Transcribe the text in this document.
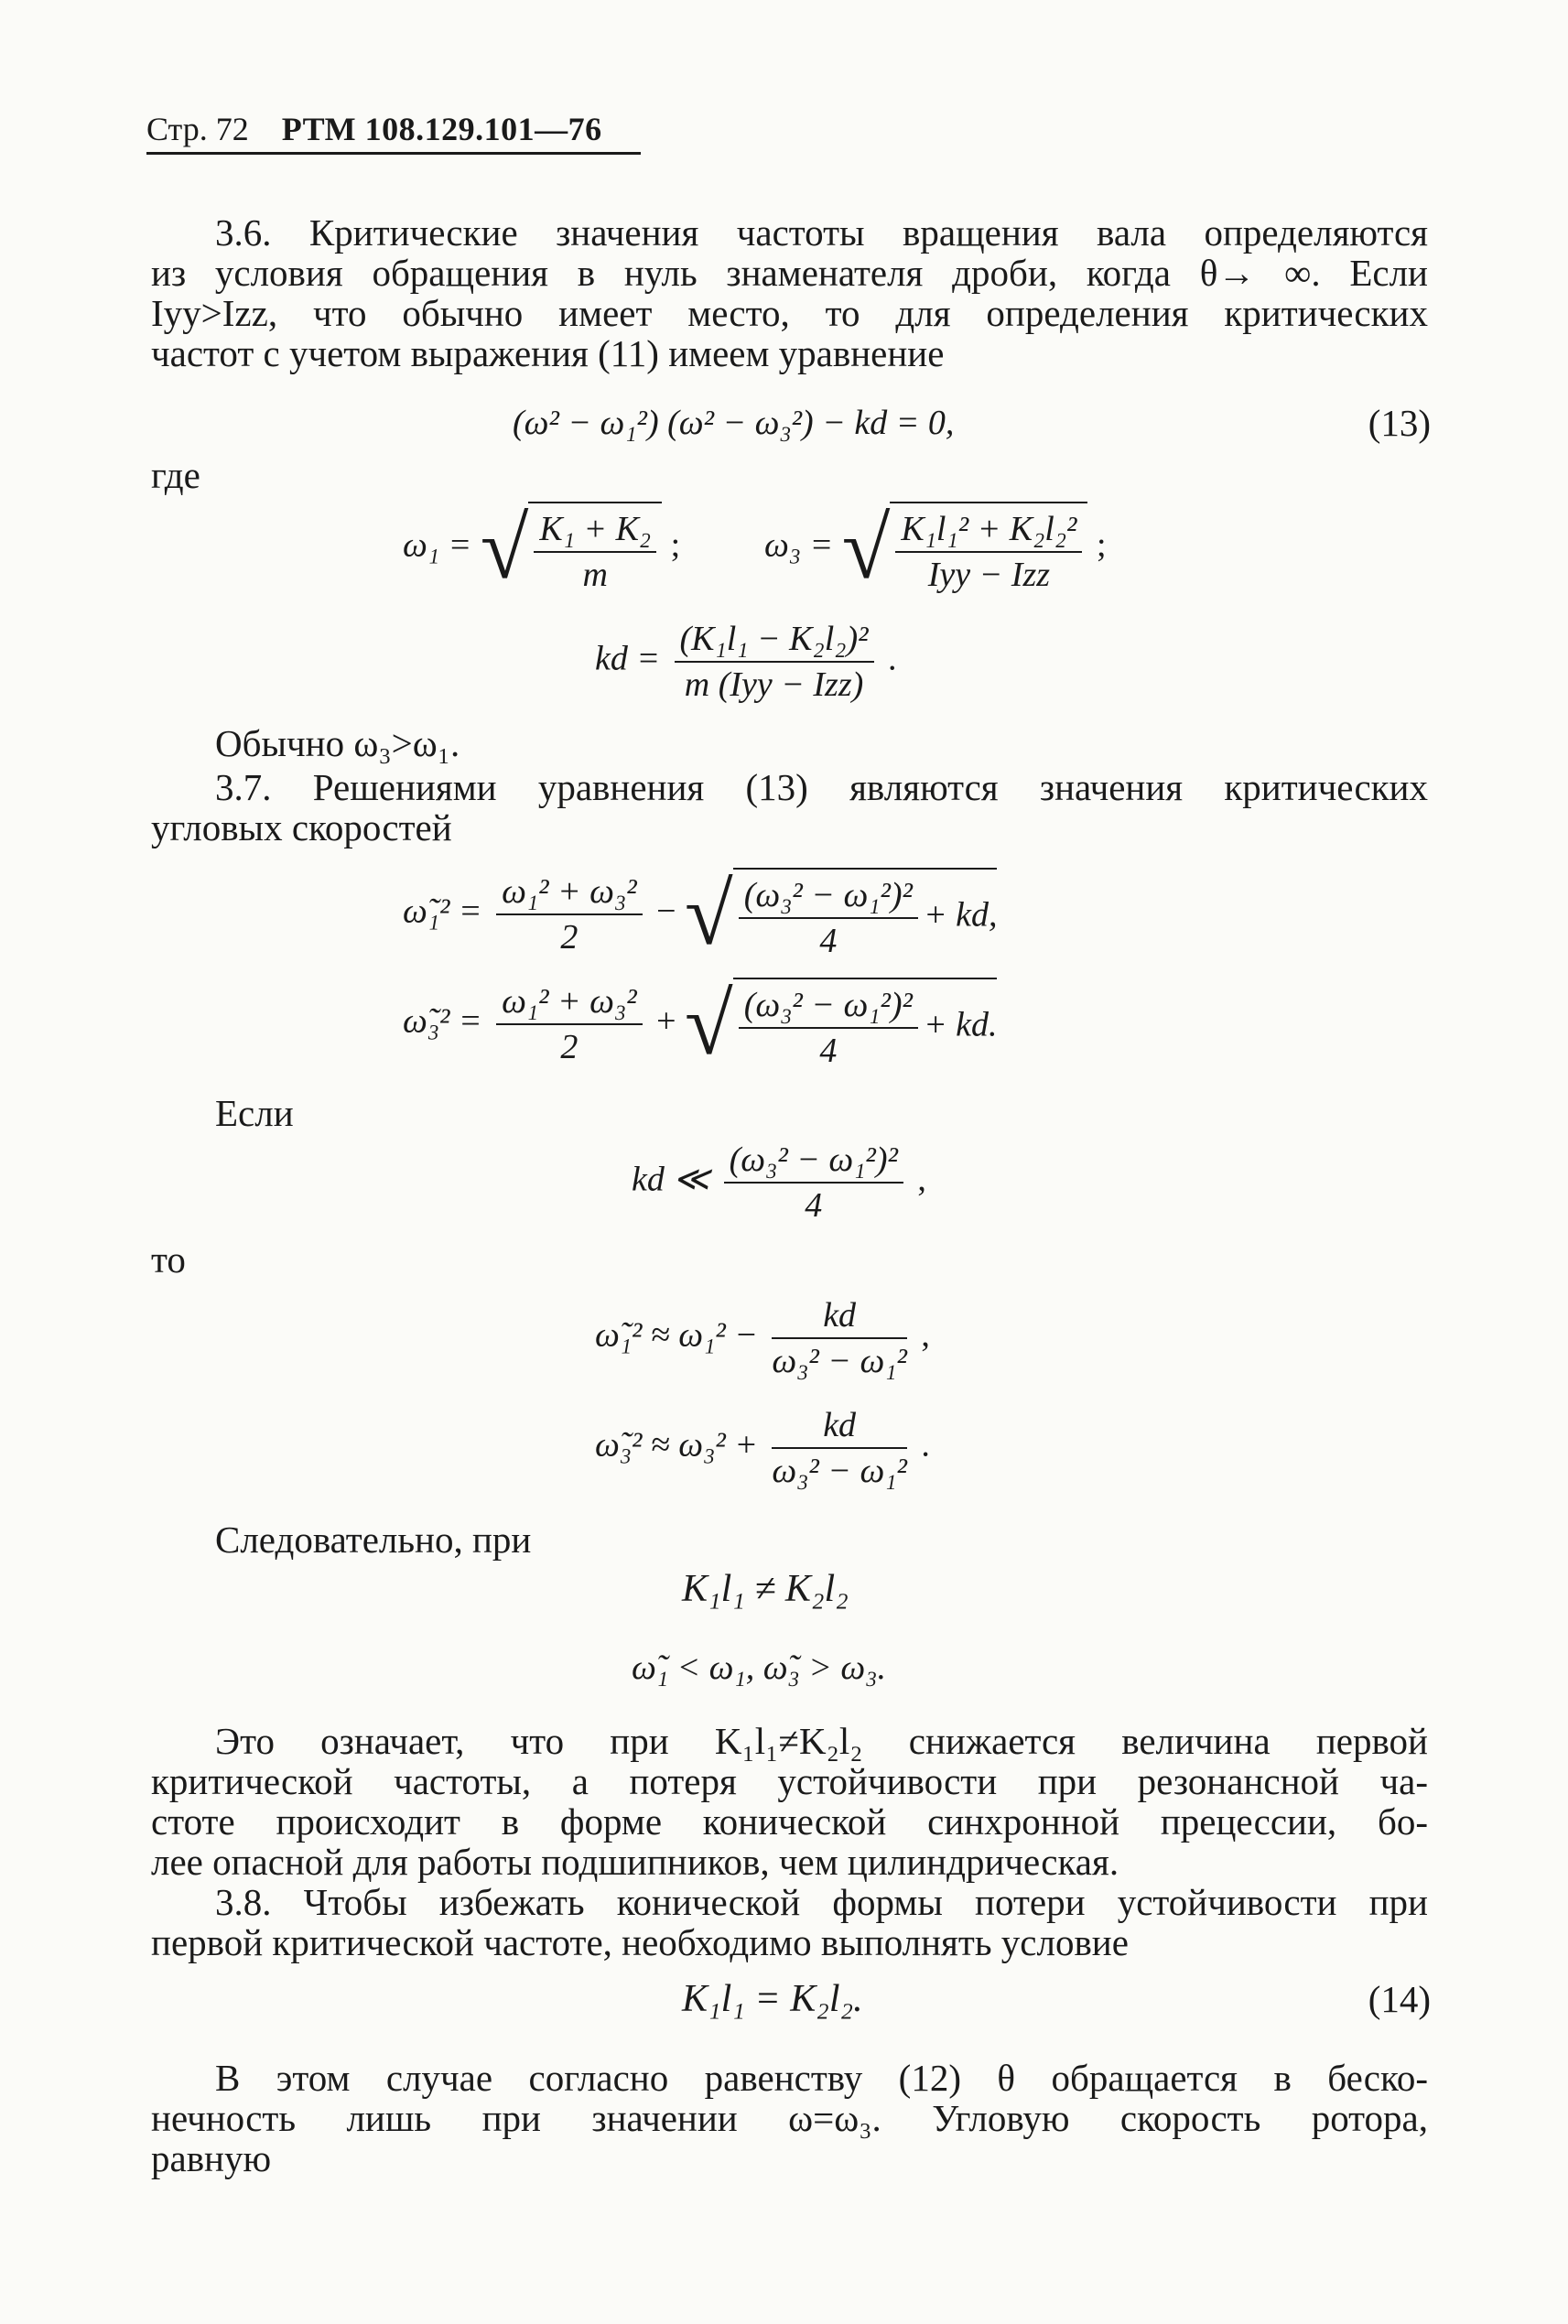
Стр. 72 РТМ 108.129.101—76
3.6. Критические значения частоты вращения вала определяются
из условия обращения в нуль знаменателя дроби, когда θ→ ∞. Если
Iyy>Izz, что обычно имеет место, то для определения критических
частот с учетом выражения (11) имеем уравнение
(ω² − ω₁²) (ω² − ω₃²) − kd = 0,	(13)
где
ω₁ = √ $\frac{\text{K₁ + K₂}}{m}$ ; ω₃ = √ $\frac{\text{K₁l₁² + K₂l₂²}}{\text{Iyy − Izz}}$ ;
kd = $\frac{\text{(K₁l₁ − K₂l₂)²}}{\text{m (Iyy − Izz)}}$ .
Обычно ω₃>ω₁.
3.7. Решениями уравнения (13) являются значения критических
угловых скоростей
ω̃₁² = $\frac{\text{ω₁² + ω₃²}}{2}$ − √ $\frac{\text{(ω₃² − ω₁²)²}}{4}$ + kd,
ω̃₃² = $\frac{\text{ω₁² + ω₃²}}{2}$ + √ $\frac{\text{(ω₃² − ω₁²)²}}{4}$ + kd.
Если
kd ≪ $\frac{\text{(ω₃² − ω₁²)²}}{4}$ ,
то
ω̃₁² ≈ $\omega_1^2 - \frac{kd}{\text{ω₃² − ω₁²}}$ ,
ω̃₃² ≈ $\omega_3^2 + \frac{kd}{\text{ω₃² − ω₁²}}$ .
Следовательно, при
K₁l₁ ≠ K₂l₂
ω̃₁ < ω₁, ω̃₃ > ω₃.
Это означает, что при K₁l₁≠K₂l₂ снижается величина первой
критической частоты, а потеря устойчивости при резонансной ча-
стоте происходит в форме конической синхронной прецессии, бо-
лее опасной для работы подшипников, чем цилиндрическая.
3.8. Чтобы избежать конической формы потери устойчивости при
первой критической частоте, необходимо выполнять условие
K₁l₁ = K₂l₂.	(14)
В этом случае согласно равенству (12) θ обращается в беско-
нечность лишь при значении ω=ω₃. Угловую скорость ротора,
равную
